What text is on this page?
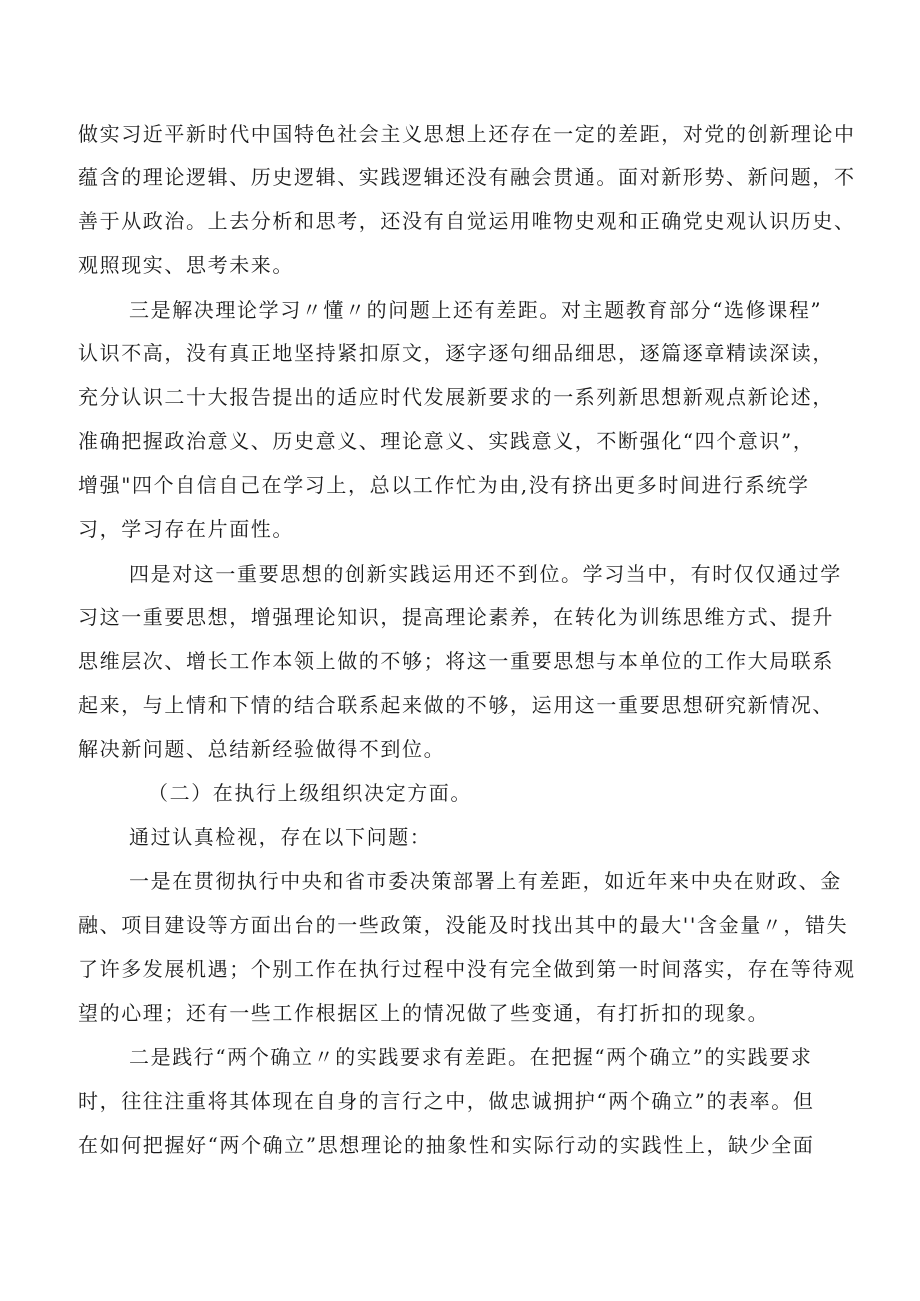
做实习近平新时代中国特色社会主义思想上还存在一定的差距，对党的创新理论中
蕴含的理论逻辑、历史逻辑、实践逻辑还没有融会贯通。面对新形势、新问题，不
善于从政治。上去分析和思考，还没有自觉运用唯物史观和正确党史观认识历史、
观照现实、思考未来。
三是解决理论学习〃懂〃的问题上还有差距。对主题教育部分“选修课程”
认识不高，没有真正地坚持紧扣原文，逐字逐句细品细思，逐篇逐章精读深读，
充分认识二十大报告提出的适应时代发展新要求的一系列新思想新观点新论述，
准确把握政治意义、历史意义、理论意义、实践意义，不断强化“四个意识”，
增强"四个自信自己在学习上，总以工作忙为由,没有挤出更多时间进行系统学
习，学习存在片面性。
四是对这一重要思想的创新实践运用还不到位。学习当中，有时仅仅通过学
习这一重要思想，增强理论知识，提高理论素养，在转化为训练思维方式、提升
思维层次、增长工作本领上做的不够；将这一重要思想与本单位的工作大局联系
起来，与上情和下情的结合联系起来做的不够，运用这一重要思想研究新情况、
解决新问题、总结新经验做得不到位。
（二）在执行上级组织决定方面。
通过认真检视，存在以下问题：
一是在贯彻执行中央和省市委决策部署上有差距，如近年来中央在财政、金
融、项目建设等方面出台的一些政策，没能及时找出其中的最大''含金量〃，错失
了许多发展机遇；个别工作在执行过程中没有完全做到第一时间落实，存在等待观
望的心理；还有一些工作根据区上的情况做了些变通，有打折扣的现象。
二是践行“两个确立〃的实践要求有差距。在把握“两个确立”的实践要求
时，往往注重将其体现在自身的言行之中，做忠诚拥护“两个确立”的表率。但
在如何把握好“两个确立”思想理论的抽象性和实际行动的实践性上，缺少全面
